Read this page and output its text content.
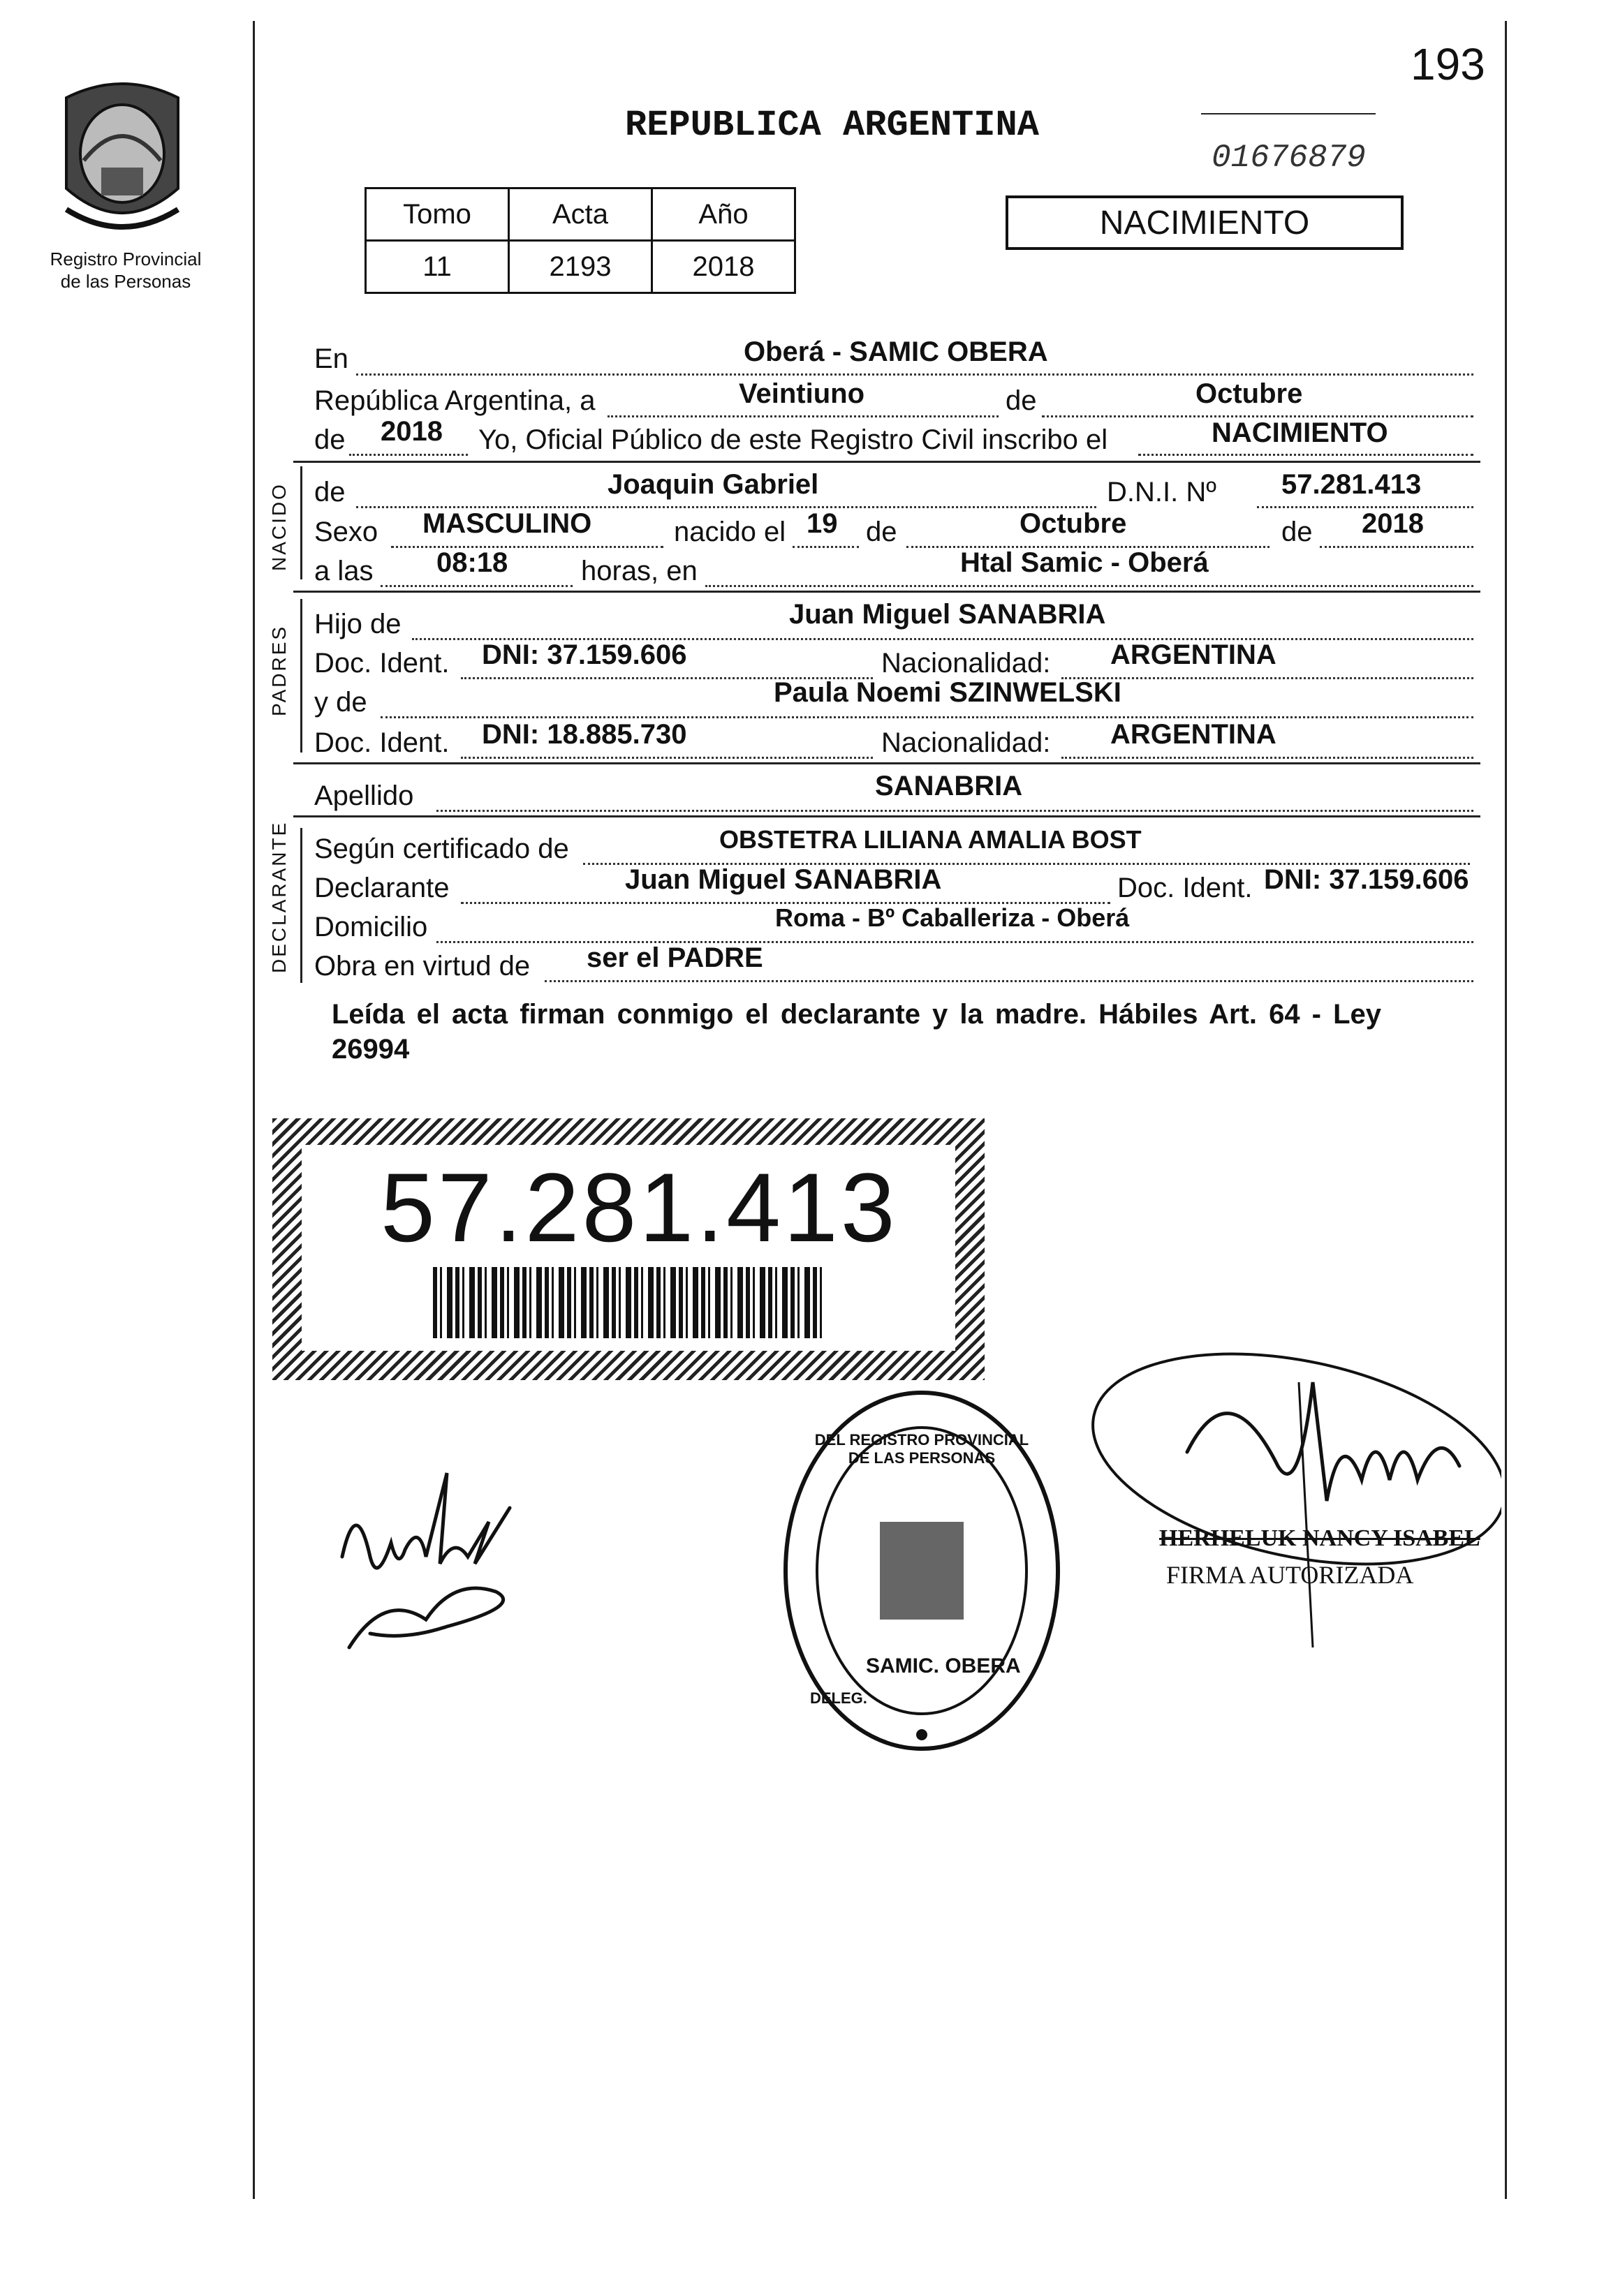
193
Registro Provincial de las Personas
REPUBLICA ARGENTINA
01676879
Tomo	Acta	Año
11	2193	2018
NACIMIENTO
En	Oberá - SAMIC OBERA
República Argentina, a	Veintiuno	de	Octubre
de 2018 Yo, Oficial Público de este Registro Civil inscribo el	NACIMIENTO
NACIDO de	Joaquin Gabriel	D.N.I. Nº 57.281.413
Sexo MASCULINO	nacido el 19 de	Octubre	de 2018
a las 08:18	horas, en	Htal Samic - Oberá
PADRES
Hijo de	Juan Miguel SANABRIA
Doc. Ident. DNI: 37.159.606	Nacionalidad: ARGENTINA
y de	Paula Noemi SZINWELSKI
Doc. Ident. DNI: 18.885.730	Nacionalidad: ARGENTINA
Apellido	SANABRIA
DECLARANTE Según certificado de	OBSTETRA LILIANA AMALIA BOST
Declarante	Juan Miguel SANABRIA	Doc. Ident. DNI: 37.159.606
Domicilio	Roma - Bº Caballeriza - Oberá
Obra en virtud de ser el PADRE
Leída el acta firman conmigo el declarante y la madre. Hábiles Art. 64 - Ley 26994
57.281.413
DEL REGISTRO PROVINCIAL DE LAS PERSONAS
SAMIC. OBERA
DELEG.
HERHELUK NANCY ISABEL
FIRMA AUTORIZADA
